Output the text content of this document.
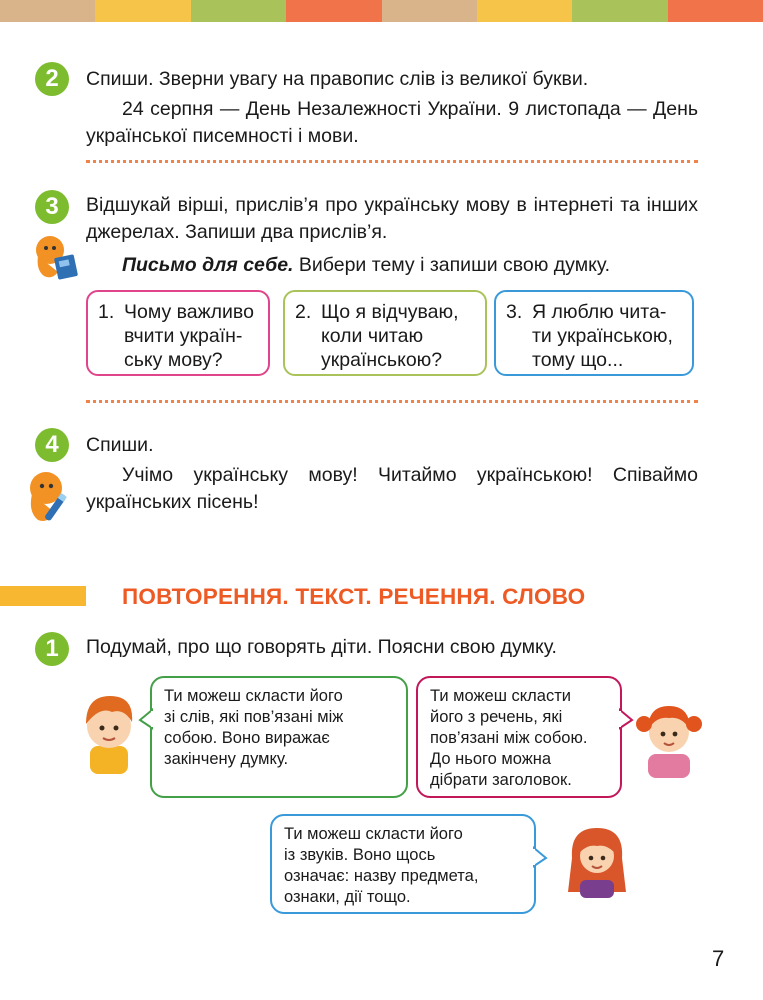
2	Спиши. Зверни увагу на правопис слів із великої букви.
24 серпня — День Незалежності України. 9 листопада — День української писемності і мови.
3	Відшукай вірші, прислів’я про українську мову в інтернеті та інших джерелах. Запиши два прислів’я.
Письмо для себе. Вибери тему і запиши свою думку.
1. Чому важливо
вчити україн-
ську мову?
2. Що я відчуваю,
коли читаю
українською?
3. Я люблю чита-
ти українською,
тому що...
4	Спиши.
Учімо українську мову! Читаймо українською! Співаймо українських пісень!
ПОВТОРЕННЯ. ТЕКСТ. РЕЧЕННЯ. СЛОВО
1	Подумай, про що говорять діти. Поясни свою думку.
Ти можеш скласти його
зі слів, які пов’язані між
собою. Воно виражає
закінчену думку.
Ти можеш скласти
його з речень, які
пов’язані між собою.
До нього можна
дібрати заголовок.
Ти можеш скласти його
із звуків. Воно щось
означає: назву предмета,
ознаки, дії тощо.
7
